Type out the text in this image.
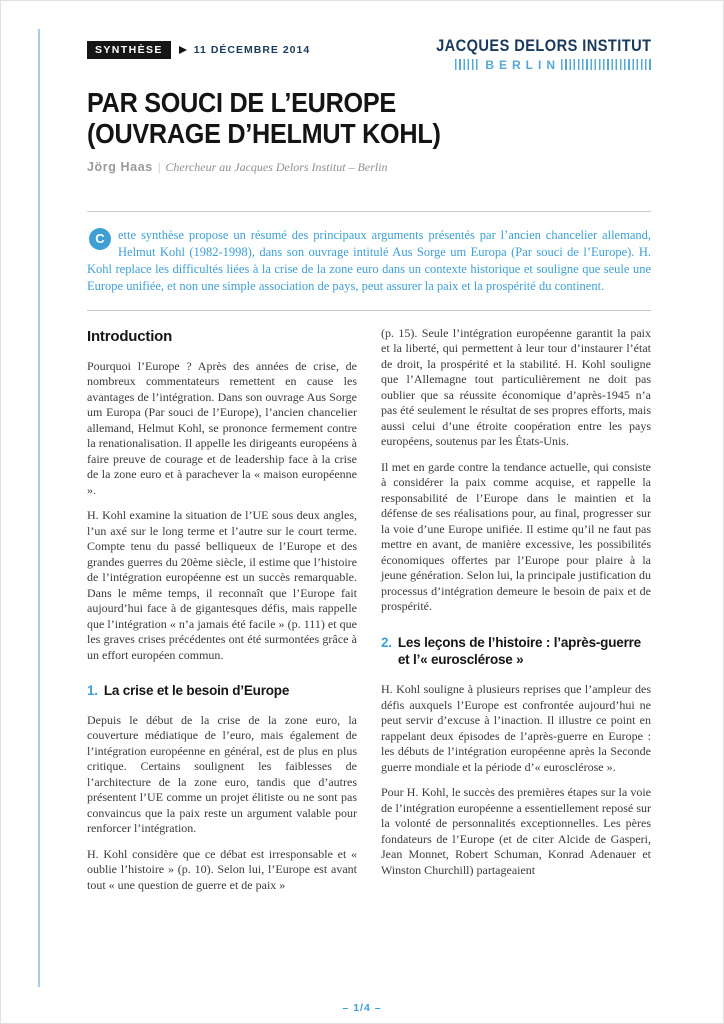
SYNTHÈSE	11 DÉCEMBRE 2014	JACQUES DELORS INSTITUT
BERLIN
PAR SOUCI DE L’EUROPE
(OUVRAGE D’HELMUT KOHL)
Jörg Haas | Chercheur au Jacques Delors Institut – Berlin
C	ette synthèse propose un résumé des principaux arguments présentés par l’ancien chancelier allemand, Helmut Kohl (1982-1998), dans son ouvrage intitulé Aus Sorge um Europa (Par souci de l’Europe). H. Kohl replace les difficultés liées à la crise de la zone euro dans un contexte historique et souligne que seule une Europe unifiée, et non une simple association de pays, peut assurer la paix et la prospérité du continent.
Introduction

Pourquoi l’Europe ? Après des années de crise, de nombreux commentateurs remettent en cause les avantages de l’intégration. Dans son ouvrage Aus Sorge um Europa (Par souci de l’Europe), l’ancien chancelier allemand, Helmut Kohl, se prononce fermement contre la renationalisation. Il appelle les dirigeants européens à faire preuve de courage et de leadership face à la crise de la zone euro et à parachever la « maison européenne ».

H. Kohl examine la situation de l’UE sous deux angles, l’un axé sur le long terme et l’autre sur le court terme. Compte tenu du passé belliqueux de l’Europe et des grandes guerres du 20ème siècle, il estime que l’histoire de l’intégration européenne est un succès remarquable. Dans le même temps, il reconnaît que l’Europe fait aujourd’hui face à de gigantesques défis, mais rappelle que l’intégration « n’a jamais été facile » (p. 111) et que les graves crises précédentes ont été surmontées grâce à un effort européen commun.

1. La crise et le besoin d’Europe

Depuis le début de la crise de la zone euro, la couverture médiatique de l’euro, mais également de l’intégration européenne en général, est de plus en plus critique. Certains soulignent les faiblesses de l’architecture de la zone euro, tandis que d’autres présentent l’UE comme un projet élitiste ou ne sont pas convaincus que la paix reste un argument valable pour renforcer l’intégration.

H. Kohl considère que ce débat est irresponsable et « oublie l’histoire » (p. 10). Selon lui, l’Europe est avant tout « une question de guerre et de paix »

(p. 15). Seule l’intégration européenne garantit la paix et la liberté, qui permettent à leur tour d’instaurer l’état de droit, la prospérité et la stabilité. H. Kohl souligne que l’Allemagne tout particulièrement ne doit pas oublier que sa réussite économique d’après-1945 n’a pas été seulement le résultat de ses propres efforts, mais aussi celui d’une étroite coopération entre les pays européens, soutenus par les États-Unis.

Il met en garde contre la tendance actuelle, qui consiste à considérer la paix comme acquise, et rappelle la responsabilité de l’Europe dans le maintien et la défense de ses réalisations pour, au final, progresser sur la voie d’une Europe unifiée. Il estime qu’il ne faut pas mettre en avant, de manière excessive, les possibilités économiques offertes par l’Europe pour plaire à la jeune génération. Selon lui, la principale justification du processus d’intégration demeure le besoin de paix et de prospérité.

2. Les leçons de l’histoire : l’après-guerre et l’« eurosclérose »

H. Kohl souligne à plusieurs reprises que l’ampleur des défis auxquels l’Europe est confrontée aujourd’hui ne peut servir d’excuse à l’inaction. Il illustre ce point en rappelant deux épisodes de l’après-guerre en Europe : les débuts de l’intégration européenne après la Seconde guerre mondiale et la période d’« eurosclérose ».

Pour H. Kohl, le succès des premières étapes sur la voie de l’intégration européenne a essentiellement reposé sur la volonté de personnalités exceptionnelles. Les pères fondateurs de l’Europe (et de citer Alcide de Gasperi, Jean Monnet, Robert Schuman, Konrad Adenauer et Winston Churchill) partageaient

– 1/4 –
